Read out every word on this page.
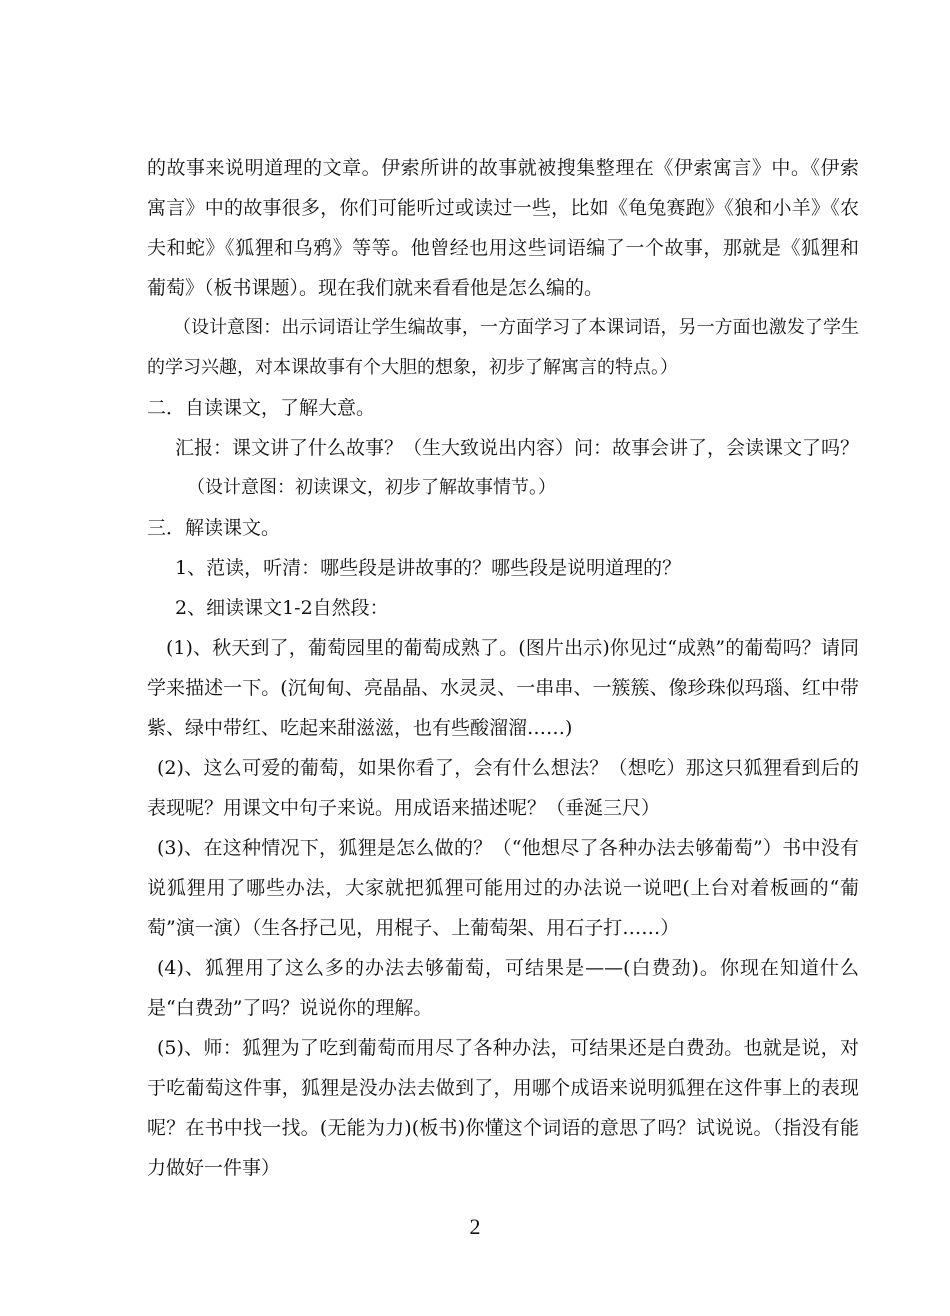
的故事来说明道理的文章。伊索所讲的故事就被搜集整理在《伊索寓言》中。《伊索寓言》中的故事很多，你们可能听过或读过一些，比如《龟兔赛跑》《狼和小羊》《农夫和蛇》《狐狸和乌鸦》等等。他曾经也用这些词语编了一个故事，那就是《狐狸和葡萄》（板书课题）。现在我们就来看看他是怎么编的。

（设计意图：出示词语让学生编故事，一方面学习了本课词语，另一方面也激发了学生的学习兴趣，对本课故事有个大胆的想象，初步了解寓言的特点。）

二．自读课文，了解大意。

汇报：课文讲了什么故事？（生大致说出内容）问：故事会讲了，会读课文了吗？

（设计意图：初读课文，初步了解故事情节。）

三．解读课文。

1、范读，听清：哪些段是讲故事的？哪些段是说明道理的？

2、细读课文1-2自然段：

(1)、秋天到了，葡萄园里的葡萄成熟了。(图片出示)你见过“成熟”的葡萄吗？请同学来描述一下。(沉甸甸、亮晶晶、水灵灵、一串串、一簇簇、像珍珠似玛瑙、红中带紫、绿中带红、吃起来甜滋滋，也有些酸溜溜……)

(2)、这么可爱的葡萄，如果你看了，会有什么想法？（想吃）那这只狐狸看到后的表现呢？用课文中句子来说。用成语来描述呢？（垂涎三尺）

(3)、在这种情况下，狐狸是怎么做的？（“他想尽了各种办法去够葡萄”）书中没有说狐狸用了哪些办法，大家就把狐狸可能用过的办法说一说吧(上台对着板画的“葡萄”演一演）（生各抒己见，用棍子、上葡萄架、用石子打……）

(4)、狐狸用了这么多的办法去够葡萄，可结果是——(白费劲)。你现在知道什么是“白费劲”了吗？说说你的理解。

(5)、师：狐狸为了吃到葡萄而用尽了各种办法，可结果还是白费劲。也就是说，对于吃葡萄这件事，狐狸是没办法去做到了，用哪个成语来说明狐狸在这件事上的表现呢？在书中找一找。(无能为力)(板书)你懂这个词语的意思了吗？试说说。（指没有能力做好一件事）

2
